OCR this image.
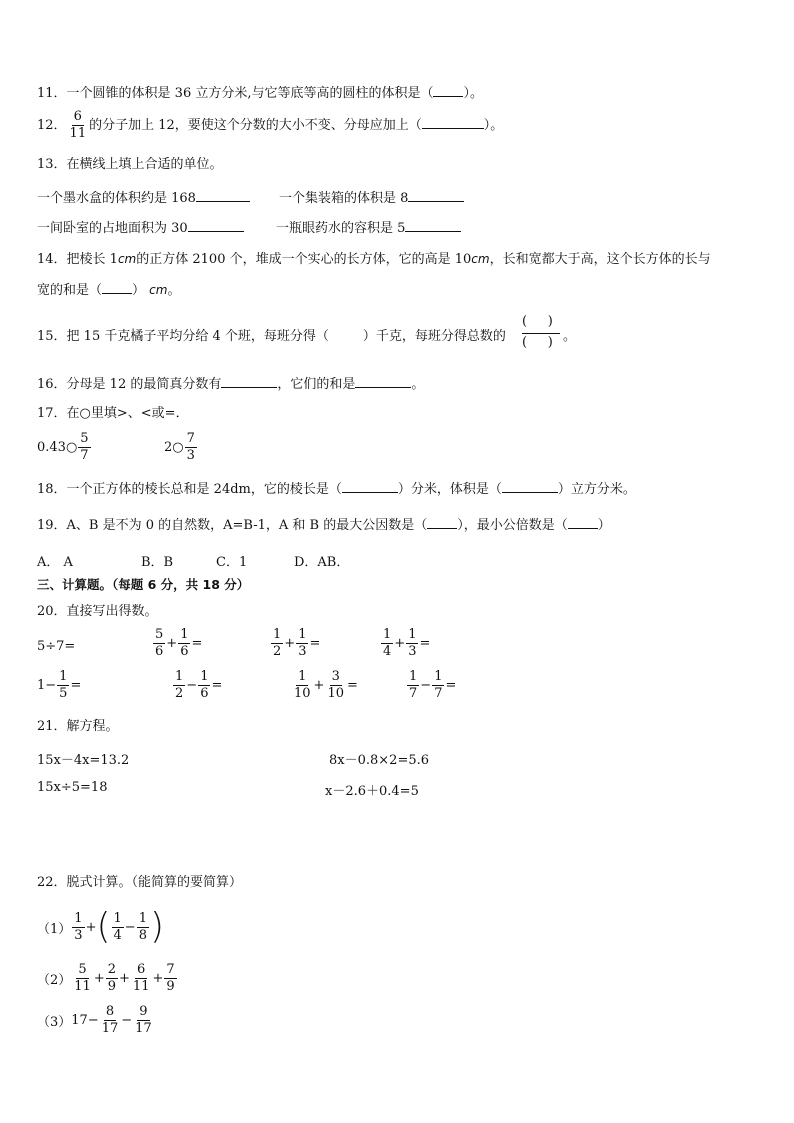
11．一个圆锥的体积是 36 立方分米,与它等底等高的圆柱的体积是（ ）。
12． $\frac{6}{11}$ 的分子加上 12，要使这个分数的大小不变、分母应加上（	）。
13．在横线上填上合适的单位。
一个墨水盒的体积约是 168	一个集装箱的体积是 8
一间卧室的占地面积为 30	一瓶眼药水的容积是 5
14．把棱长 1cm的正方体 2100 个，堆成一个实心的长方体，它的高是 10cm，长和宽都大于高，这个长方体的长与
宽的和是（ ） cm。
15．把 15 千克橘子平均分给 4 个班，每班分得（	）千克，每班分得总数的
(     )
(     ) 。
16．分母是 12 的最简真分数有	，它们的和是	。
17．在○里填>、<或=．
0.43○ $\frac{5}{7}$	2○ $\frac{7}{3}$
18．一个正方体的棱长总和是 24dm，它的棱长是（	）分米，体积是（	）立方分米。
19．A、B 是不为 0 的自然数，A=B-1，A 和 B 的最大公因数是（ ），最小公倍数是（ ）
A． A	B．B	C．1	D．AB．
三、计算题。（每题 6 分，共 18 分）
20．直接写出得数。
5÷7=	$\frac{5}{6} + \frac{1}{6}$ =	$\frac{1}{2} + \frac{1}{3}$ =	$\frac{1}{4} + \frac{1}{3}$ =
$1- \frac{1}{5}$ =	$\frac{1}{2} - \frac{1}{6}$ =	$\frac{1}{10} + \frac{3}{10}$ =	$\frac{1}{7} - \frac{1}{7}$ =
21．解方程。
15x－4x=13.2	8x－0.8×2=5.6
15x÷5=18	x－2.6＋0.4=5
22．脱式计算。（能简算的要简算）
$(1) \frac{1}{3}$ + ( $\frac{1}{4} - \frac{1}{8}$ )
$(2) \frac{5}{11} + \frac{2}{9} + \frac{6}{11} + \frac{7}{9}$
（3） $17- \frac{8}{17} - \frac{9}{17}$
